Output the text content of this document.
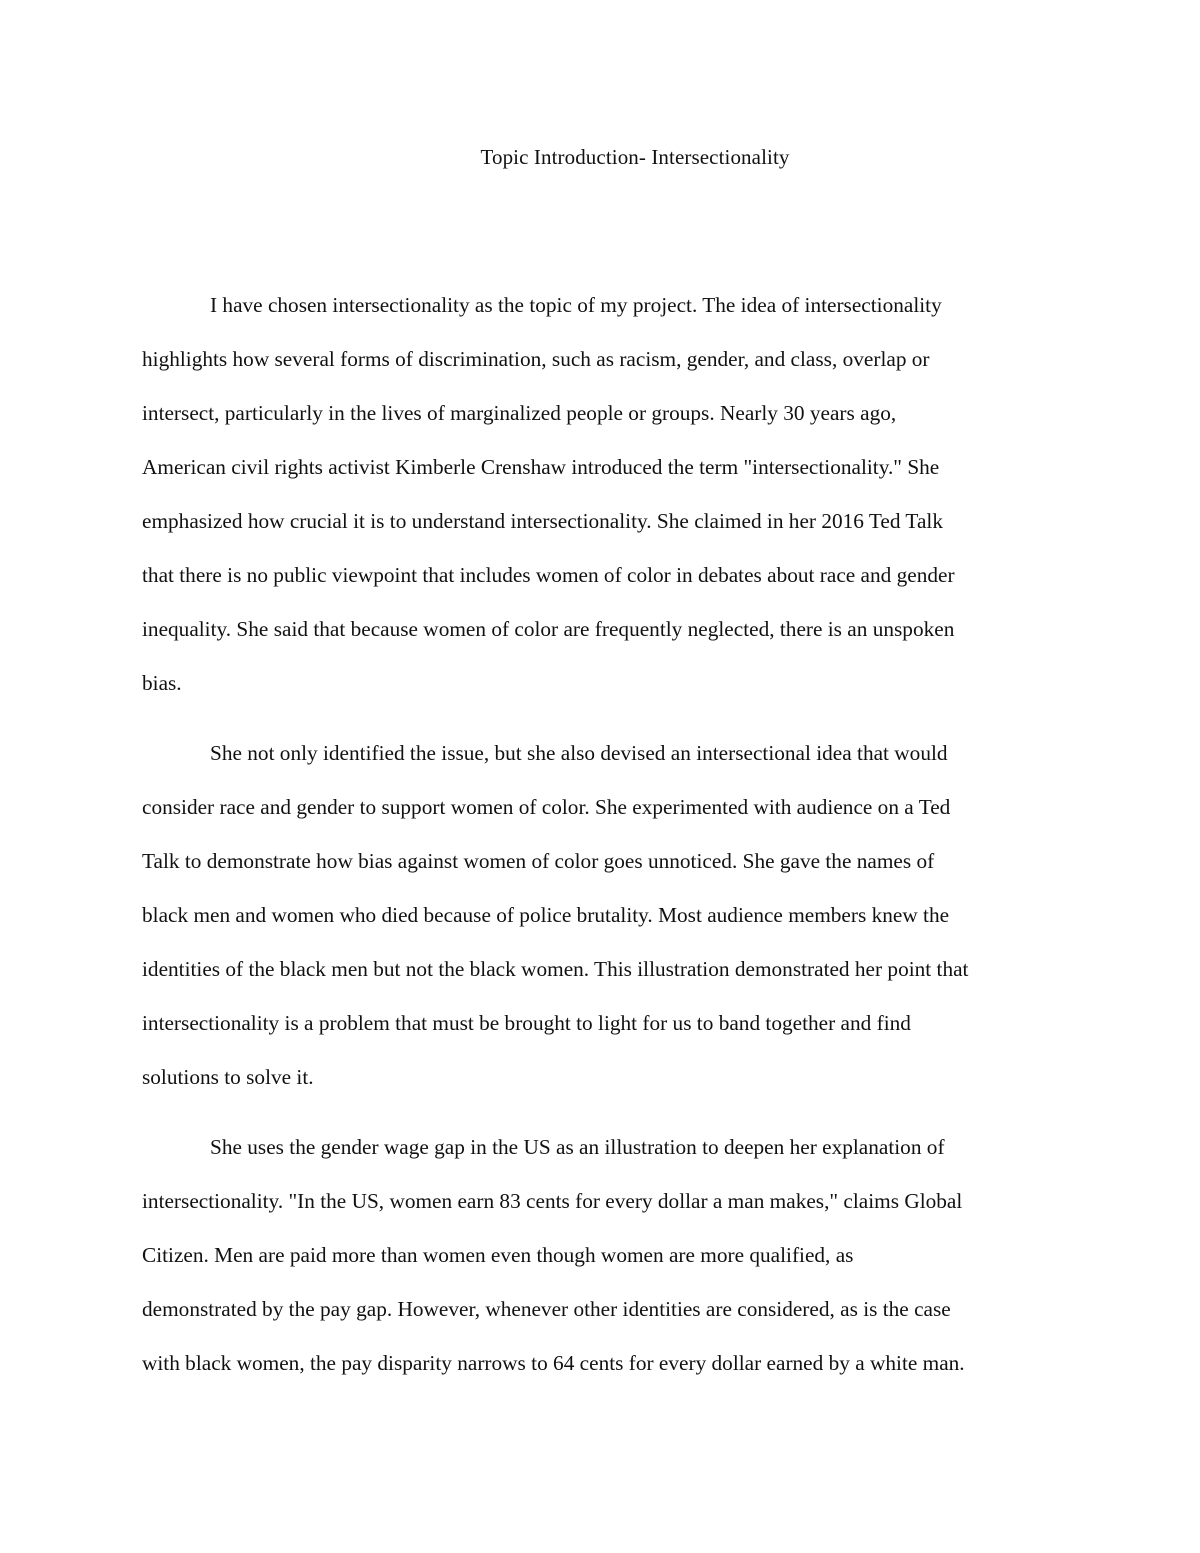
Topic Introduction- Intersectionality
I have chosen intersectionality as the topic of my project. The idea of intersectionality
highlights how several forms of discrimination, such as racism, gender, and class, overlap or
intersect, particularly in the lives of marginalized people or groups. Nearly 30 years ago,
American civil rights activist Kimberle Crenshaw introduced the term "intersectionality." She
emphasized how crucial it is to understand intersectionality. She claimed in her 2016 Ted Talk
that there is no public viewpoint that includes women of color in debates about race and gender
inequality. She said that because women of color are frequently neglected, there is an unspoken
bias.
She not only identified the issue, but she also devised an intersectional idea that would
consider race and gender to support women of color. She experimented with audience on a Ted
Talk to demonstrate how bias against women of color goes unnoticed. She gave the names of
black men and women who died because of police brutality. Most audience members knew the
identities of the black men but not the black women. This illustration demonstrated her point that
intersectionality is a problem that must be brought to light for us to band together and find
solutions to solve it.
She uses the gender wage gap in the US as an illustration to deepen her explanation of
intersectionality. "In the US, women earn 83 cents for every dollar a man makes," claims Global
Citizen. Men are paid more than women even though women are more qualified, as
demonstrated by the pay gap. However, whenever other identities are considered, as is the case
with black women, the pay disparity narrows to 64 cents for every dollar earned by a white man.
